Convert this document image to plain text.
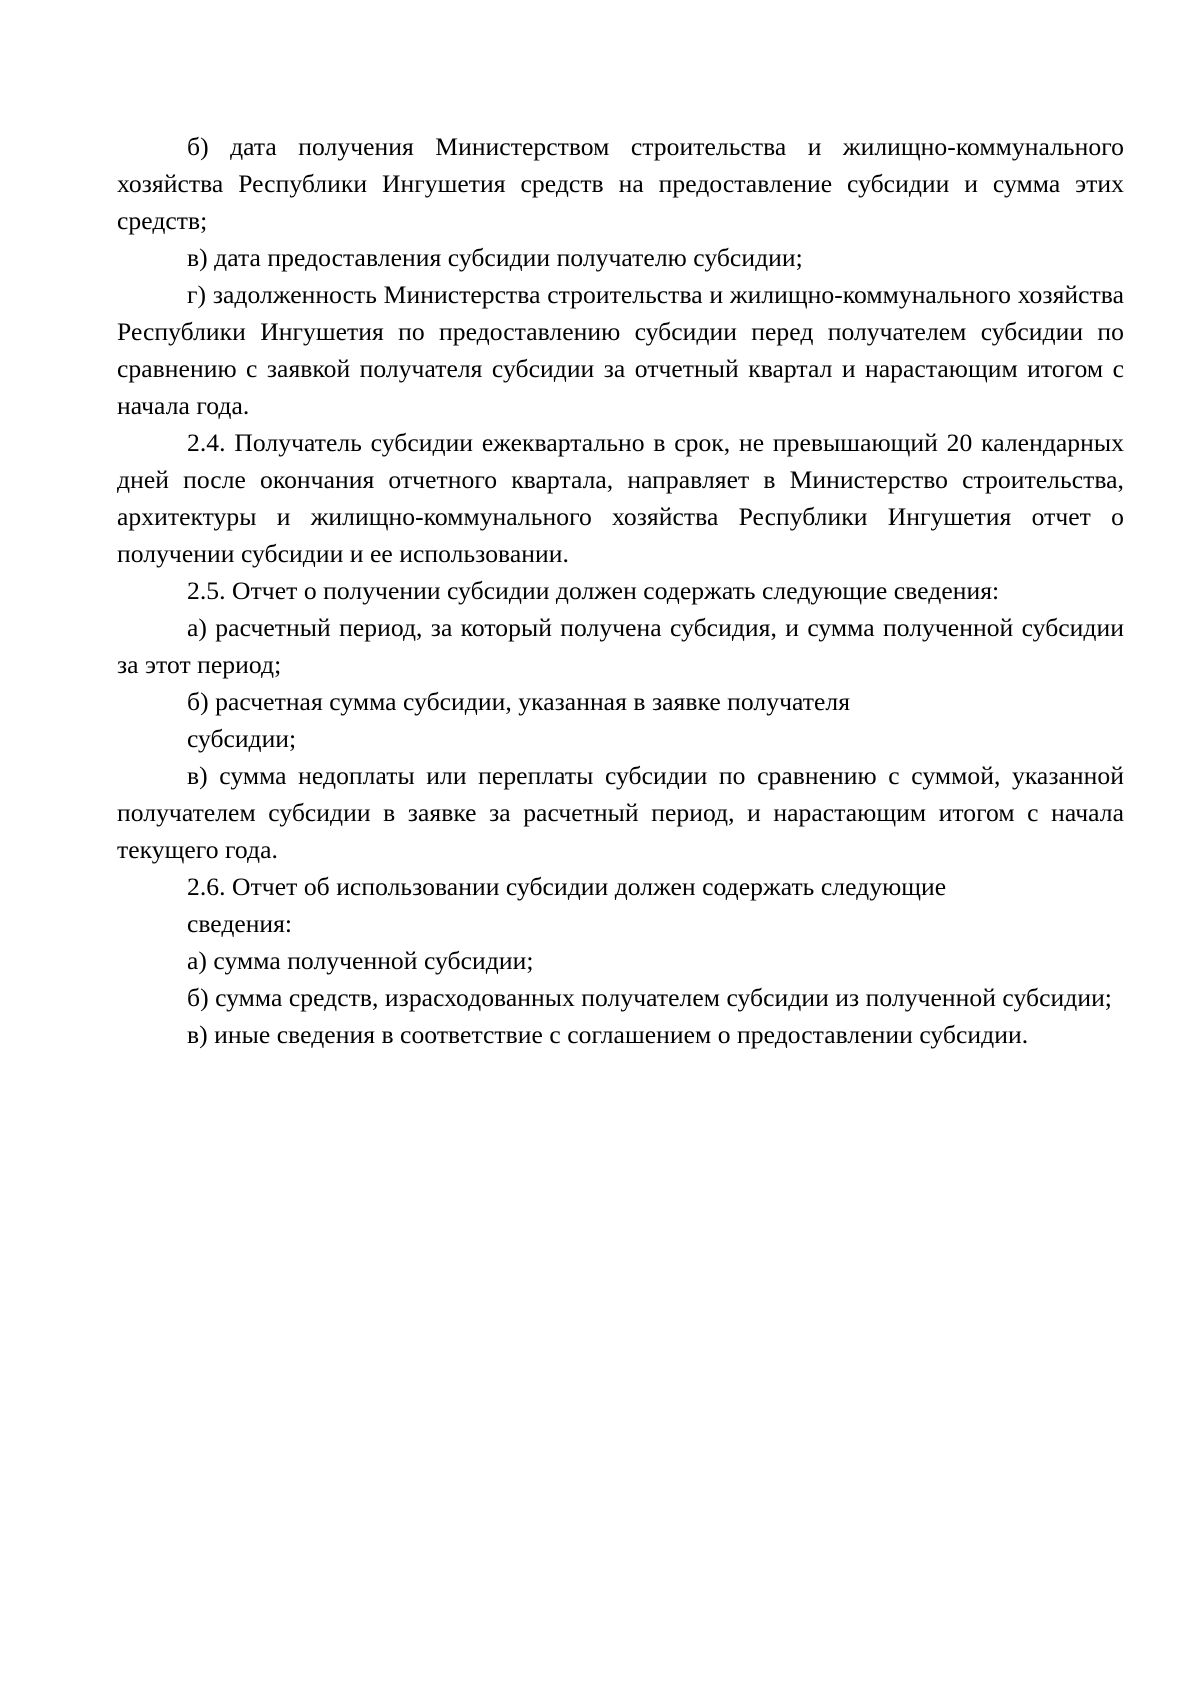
б) дата получения Министерством строительства и жилищно-коммунального хозяйства Республики Ингушетия средств на предоставление субсидии и сумма этих средств;

в) дата предоставления субсидии получателю субсидии;

г) задолженность Министерства строительства и жилищно-коммунального хозяйства Республики Ингушетия по предоставлению субсидии перед получателем субсидии по сравнению с заявкой получателя субсидии за отчетный квартал и нарастающим итогом с начала года.

2.4. Получатель субсидии ежеквартально в срок, не превышающий 20 календарных дней после окончания отчетного квартала, направляет в Министерство строительства, архитектуры и жилищно-коммунального хозяйства Республики Ингушетия отчет о получении субсидии и ее использовании.

2.5. Отчет о получении субсидии должен содержать следующие сведения:

а) расчетный период, за который получена субсидия, и сумма полученной субсидии за этот период;

б) расчетная сумма субсидии, указанная в заявке получателя

субсидии;

в) сумма недоплаты или переплаты субсидии по сравнению с суммой, указанной получателем субсидии в заявке за расчетный период, и нарастающим итогом с начала текущего года.

2.6. Отчет об использовании субсидии должен содержать следующие

сведения:

а) сумма полученной субсидии;

б) сумма средств, израсходованных получателем субсидии из полученной субсидии;

в) иные сведения в соответствие с соглашением о предоставлении субсидии.
